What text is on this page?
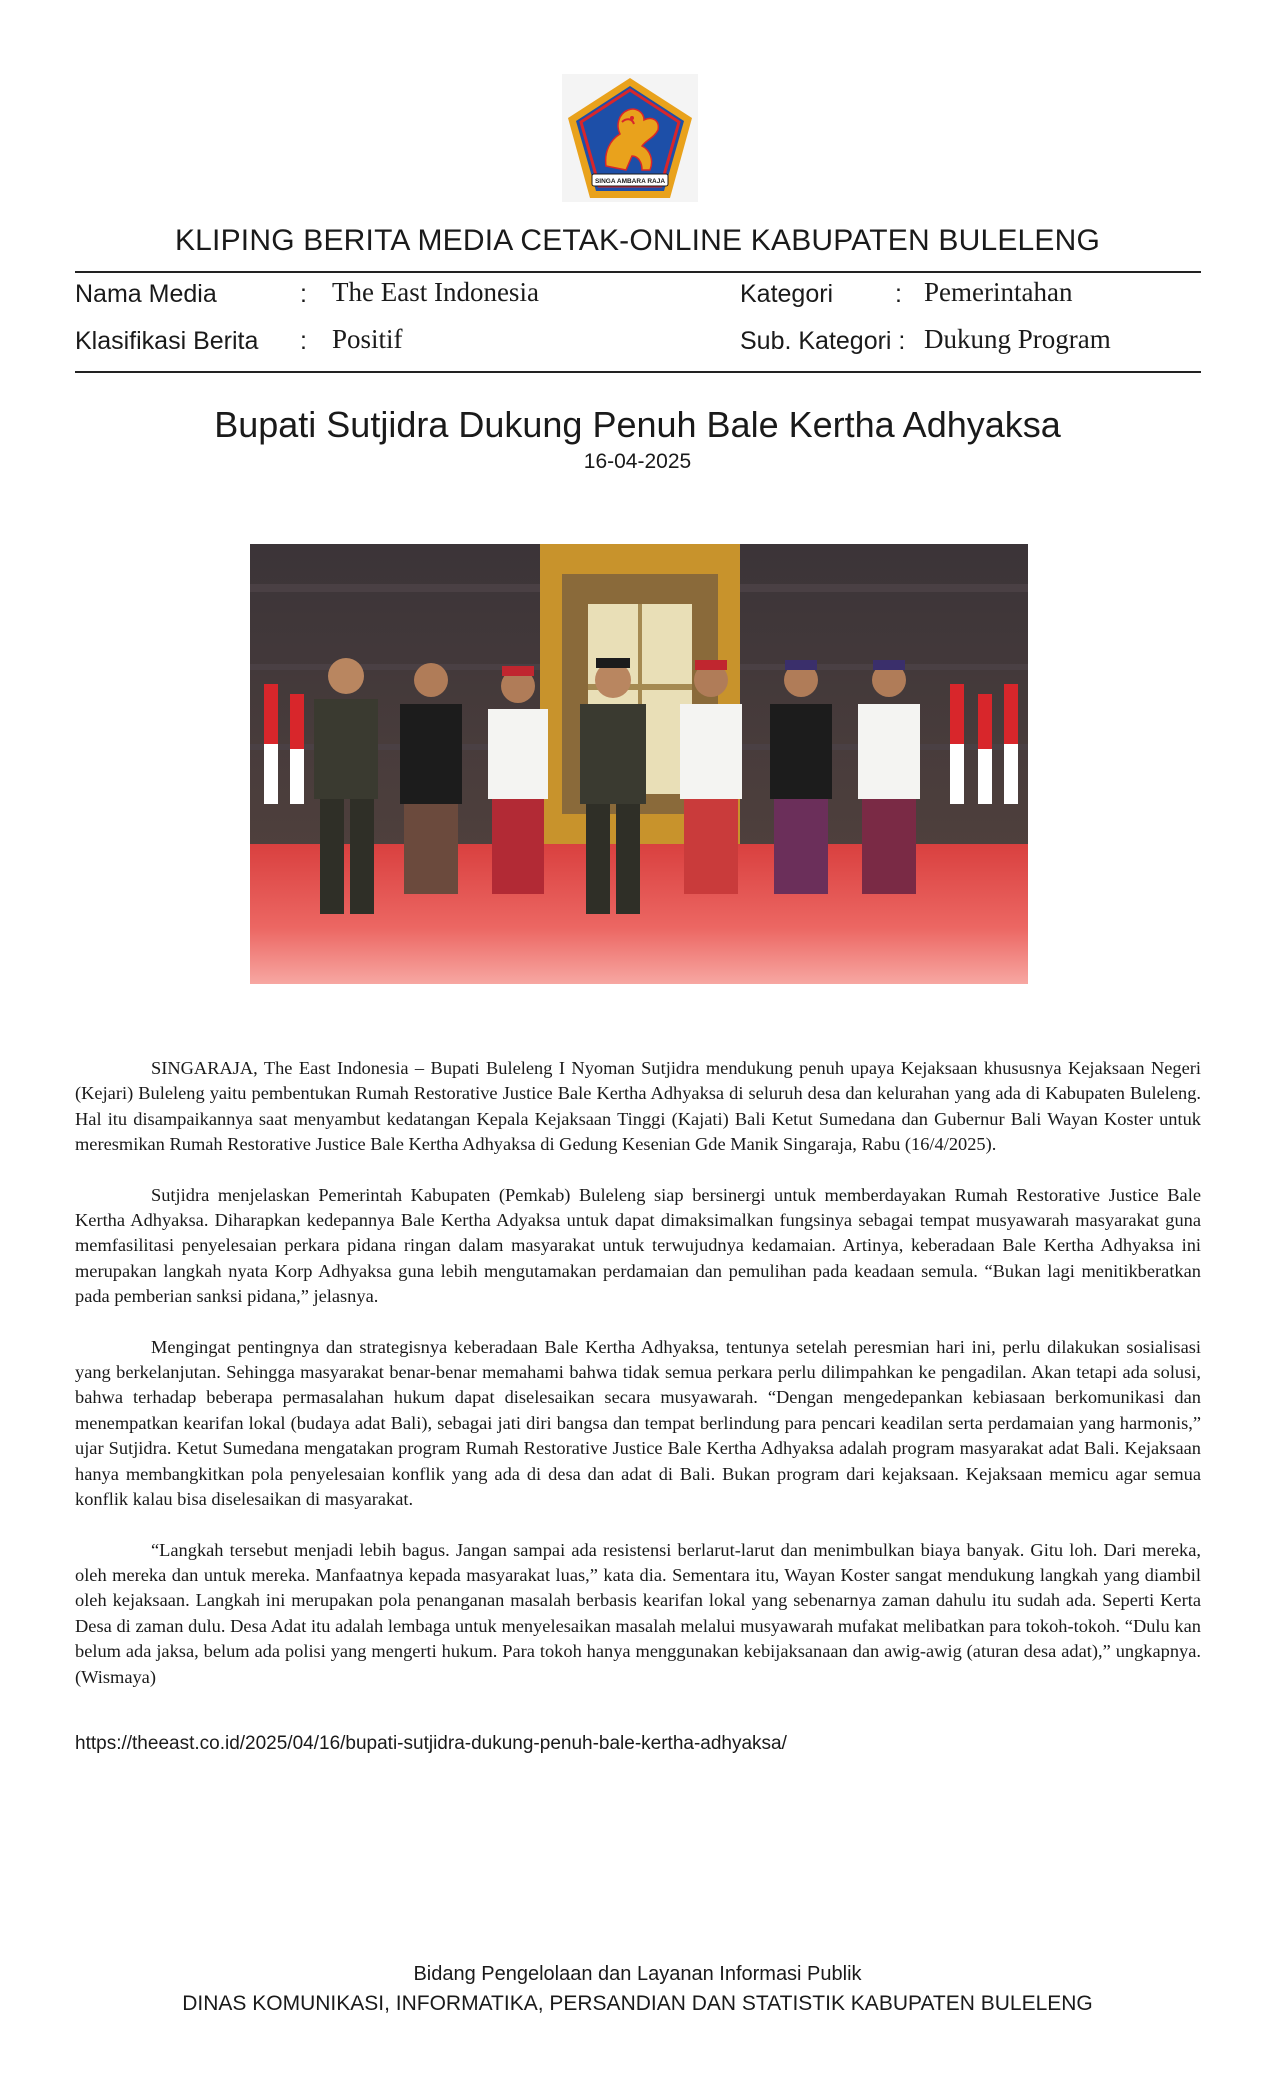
SINGA AMBARA RAJA
KLIPING BERITA MEDIA CETAK-ONLINE KABUPATEN BULELENG
Nama Media	: The East Indonesia	Kategori : Pemerintahan
Klasifikasi Berita : Positif	Sub. Kategori : Dukung Program
Bupati Sutjidra Dukung Penuh Bale Kertha Adhyaksa
16-04-2025

SINGARAJA, The East Indonesia – Bupati Buleleng I Nyoman Sutjidra mendukung penuh upaya Kejaksaan khususnya Kejaksaan Negeri (Kejari) Buleleng yaitu pembentukan Rumah Restorative Justice Bale Kertha Adhyaksa di seluruh desa dan kelurahan yang ada di Kabupaten Buleleng. Hal itu disampaikannya saat menyambut kedatangan Kepala Kejaksaan Tinggi (Kajati) Bali Ketut Sumedana dan Gubernur Bali Wayan Koster untuk meresmikan Rumah Restorative Justice Bale Kertha Adhyaksa di Gedung Kesenian Gde Manik Singaraja, Rabu (16/4/2025).

Sutjidra menjelaskan Pemerintah Kabupaten (Pemkab) Buleleng siap bersinergi untuk memberdayakan Rumah Restorative Justice Bale Kertha Adhyaksa. Diharapkan kedepannya Bale Kertha Adyaksa untuk dapat dimaksimalkan fungsinya sebagai tempat musyawarah masyarakat guna memfasilitasi penyelesaian perkara pidana ringan dalam masyarakat untuk terwujudnya kedamaian. Artinya, keberadaan Bale Kertha Adhyaksa ini merupakan langkah nyata Korp Adhyaksa guna lebih mengutamakan perdamaian dan pemulihan pada keadaan semula. “Bukan lagi menitikberatkan pada pemberian sanksi pidana,” jelasnya.

Mengingat pentingnya dan strategisnya keberadaan Bale Kertha Adhyaksa, tentunya setelah peresmian hari ini, perlu dilakukan sosialisasi yang berkelanjutan. Sehingga masyarakat benar-benar memahami bahwa tidak semua perkara perlu dilimpahkan ke pengadilan. Akan tetapi ada solusi, bahwa terhadap beberapa permasalahan hukum dapat diselesaikan secara musyawarah. “Dengan mengedepankan kebiasaan berkomunikasi dan menempatkan kearifan lokal (budaya adat Bali), sebagai jati diri bangsa dan tempat berlindung para pencari keadilan serta perdamaian yang harmonis,” ujar Sutjidra. Ketut Sumedana mengatakan program Rumah Restorative Justice Bale Kertha Adhyaksa adalah program masyarakat adat Bali. Kejaksaan hanya membangkitkan pola penyelesaian konflik yang ada di desa dan adat di Bali. Bukan program dari kejaksaan. Kejaksaan memicu agar semua konflik kalau bisa diselesaikan di masyarakat.

“Langkah tersebut menjadi lebih bagus. Jangan sampai ada resistensi berlarut-larut dan menimbulkan biaya banyak. Gitu loh. Dari mereka, oleh mereka dan untuk mereka. Manfaatnya kepada masyarakat luas,” kata dia. Sementara itu, Wayan Koster sangat mendukung langkah yang diambil oleh kejaksaan. Langkah ini merupakan pola penanganan masalah berbasis kearifan lokal yang sebenarnya zaman dahulu itu sudah ada. Seperti Kerta Desa di zaman dulu. Desa Adat itu adalah lembaga untuk menyelesaikan masalah melalui musyawarah mufakat melibatkan para tokoh-tokoh. “Dulu kan belum ada jaksa, belum ada polisi yang mengerti hukum. Para tokoh hanya menggunakan kebijaksanaan dan awig-awig (aturan desa adat),” ungkapnya.(Wismaya)

https://theeast.co.id/2025/04/16/bupati-sutjidra-dukung-penuh-bale-kertha-adhyaksa/
Bidang Pengelolaan dan Layanan Informasi Publik
DINAS KOMUNIKASI, INFORMATIKA, PERSANDIAN DAN STATISTIK KABUPATEN BULELENG
